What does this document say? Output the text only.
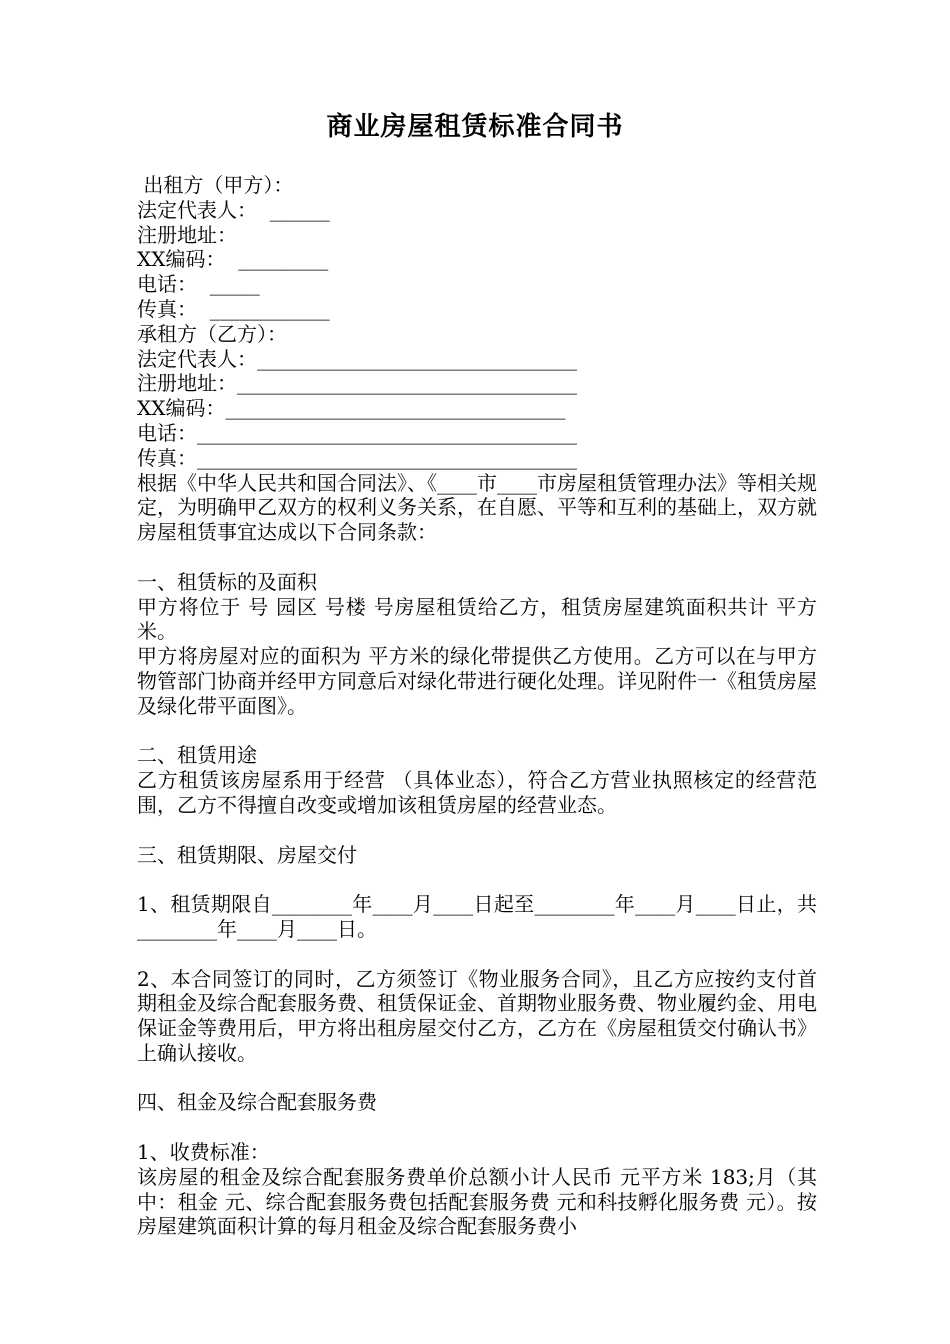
商业房屋租赁标准合同书
出租方（甲方）：
法定代表人：  ______
注册地址：
XX编码：  _________
电话：  _____
传真：  ____________
承租方（乙方）：
法定代表人：________________________________
注册地址：__________________________________
XX编码：__________________________________
电话：______________________________________
传真：______________________________________
根据《中华人民共和国合同法》、《____市____市房屋租赁管理办法》等相关规定，为明确甲乙双方的权利义务关系，在自愿、平等和互利的基础上，双方就房屋租赁事宜达成以下合同条款：
一、租赁标的及面积
甲方将位于 号 园区 号楼 号房屋租赁给乙方，租赁房屋建筑面积共计 平方米。
甲方将房屋对应的面积为 平方米的绿化带提供乙方使用。乙方可以在与甲方物管部门协商并经甲方同意后对绿化带进行硬化处理。详见附件一《租赁房屋及绿化带平面图》。
二、租赁用途
乙方租赁该房屋系用于经营 （具体业态），符合乙方营业执照核定的经营范围，乙方不得擅自改变或增加该租赁房屋的经营业态。
三、租赁期限、房屋交付
1、租赁期限自________年____月____日起至________年____月____日止，共________年____月____日。
2、本合同签订的同时，乙方须签订《物业服务合同》，且乙方应按约支付首期租金及综合配套服务费、租赁保证金、首期物业服务费、物业履约金、用电保证金等费用后，甲方将出租房屋交付乙方，乙方在《房屋租赁交付确认书》上确认接收。
四、租金及综合配套服务费
1、收费标准：
该房屋的租金及综合配套服务费单价总额小计人民币 元平方米 183;月（其中：租金 元、综合配套服务费包括配套服务费 元和科技孵化服务费 元）。按房屋建筑面积计算的每月租金及综合配套服务费小
